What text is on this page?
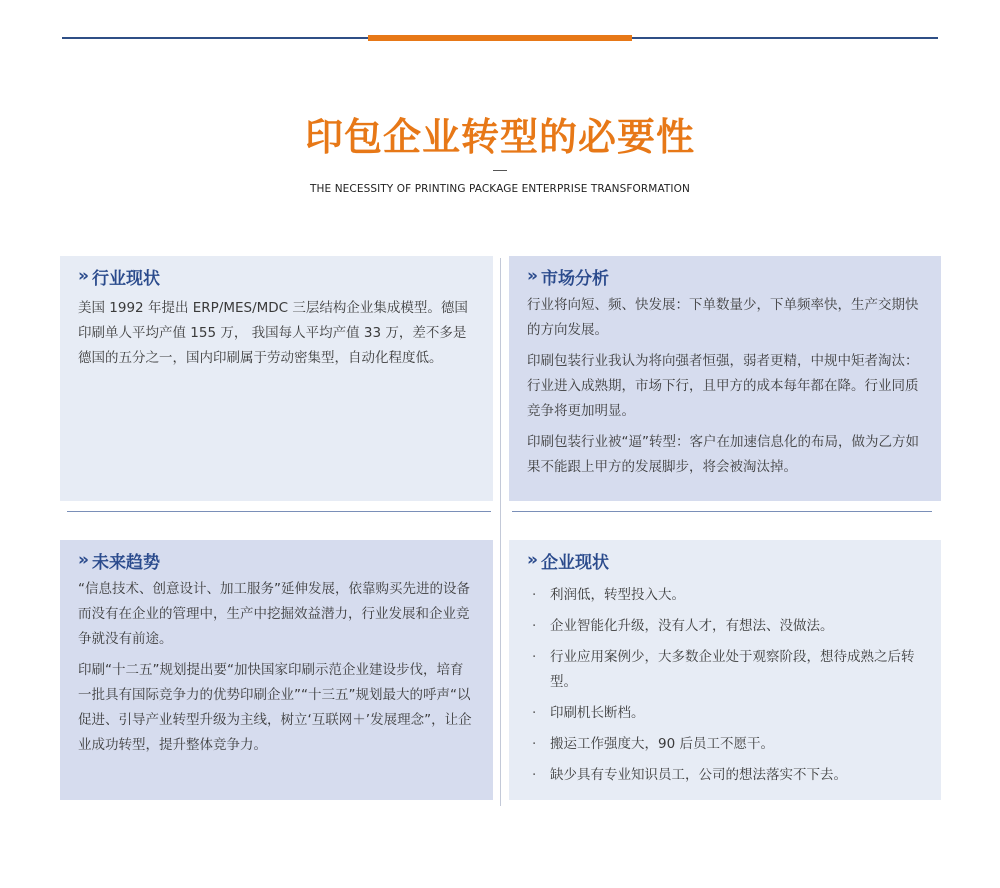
印包企业转型的必要性
THE NECESSITY OF PRINTING PACKAGE ENTERPRISE TRANSFORMATION
» 行业现状

美国 1992 年提出 ERP/MES/MDC 三层结构企业集成模型。德国印刷单人平均产值 155 万， 我国每人平均产值 33 万，差不多是德国的五分之一，国内印刷属于劳动密集型，自动化程度低。

» 市场分析

行业将向短、频、快发展：下单数量少，下单频率快，生产交期快的方向发展。

印刷包装行业我认为将向强者恒强，弱者更精，中规中矩者淘汰：行业进入成熟期，市场下行，且甲方的成本每年都在降。行业同质竞争将更加明显。

印刷包装行业被“逼”转型：客户在加速信息化的布局，做为乙方如果不能跟上甲方的发展脚步，将会被淘汰掉。

» 未来趋势

“信息技术、创意设计、加工服务”延伸发展，依靠购买先进的设备而没有在企业的管理中，生产中挖掘效益潜力，行业发展和企业竞争就没有前途。

印刷“十二五”规划提出要“加快国家印刷示范企业建设步伐，培育一批具有国际竞争力的优势印刷企业”“十三五”规划最大的呼声“以促进、引导产业转型升级为主线，树立‘互联网＋’发展理念”，让企业成功转型，提升整体竞争力。

» 企业现状
·	利润低，转型投入大。
·	企业智能化升级，没有人才，有想法、没做法。
·	行业应用案例少，大多数企业处于观察阶段，想待成熟之后转型。
·	印刷机长断档。
·	搬运工作强度大，90 后员工不愿干。
·	缺少具有专业知识员工，公司的想法落实不下去。
